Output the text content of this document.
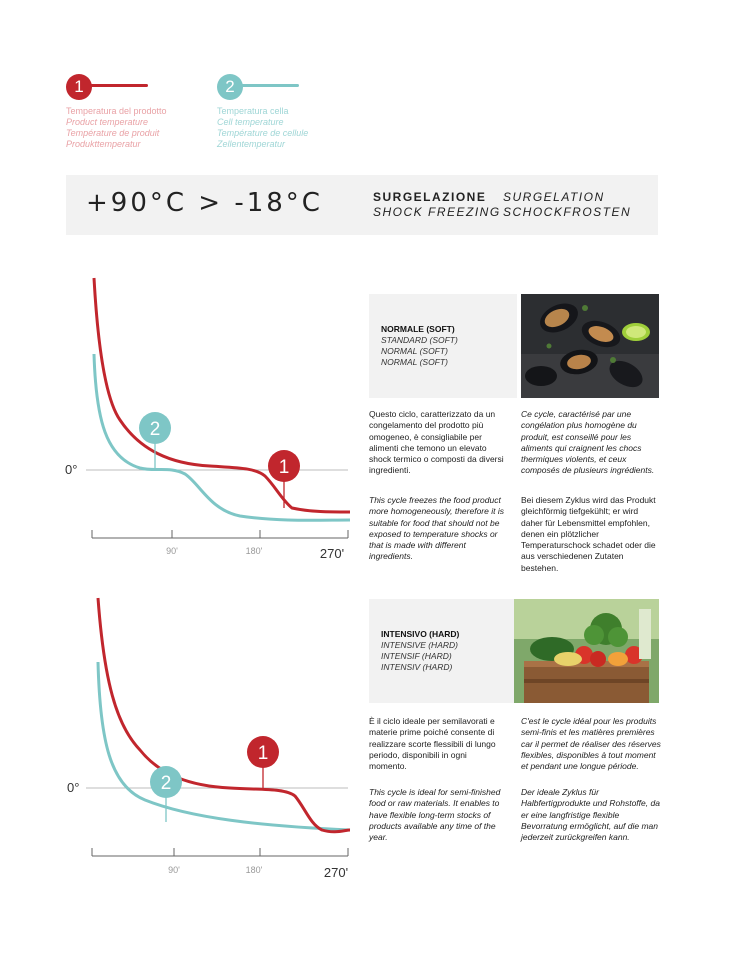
1
Temperatura del prodotto
Product temperature
Température de produit
Produkttemperatur
2
Temperatura cella
Cell temperature
Température de cellule
Zellentemperatur
+90°C > -18°C	SURGELAZIONE
SHOCK FREEZING
SURGELATION
SCHOCKFROSTEN
2
1
90'	180'	270'
0°
NORMALE (SOFT)
STANDARD (SOFT)
NORMAL (SOFT)
NORMAL (SOFT)
Questo ciclo, caratterizzato da un congelamento del prodotto più omogeneo, è consigliabile per alimenti che temono un elevato shock termico o composti da diversi ingredienti.
This cycle freezes the food product more homogeneously, therefore it is suitable for food that should not be exposed to temperature shocks or that is made with different ingredients.
Ce cycle, caractérisé par une congélation plus homogène du produit, est conseillé pour les aliments qui craignent les chocs thermiques violents, et ceux composés de plusieurs ingrédients.
Bei diesem Zyklus wird das Produkt gleichförmig tiefgekühlt; er wird daher für Lebensmittel empfohlen, denen ein plötzlicher Temperaturschock schadet oder die aus verschiedenen Zutaten bestehen.
2
1
90'	180'	270'
0°
INTENSIVO (HARD)
INTENSIVE (HARD)
INTENSIF (HARD)
INTENSIV (HARD)
È il ciclo ideale per semilavorati e materie prime poiché consente di realizzare scorte flessibili di lungo periodo, disponibili in ogni momento.
This cycle is ideal for semi-finished food or raw materials. It enables to have flexible long-term stocks of products available any time of the year.
C'est le cycle idéal pour les produits semi-finis et les matières premières car il permet de réaliser des réserves flexibles, disponibles à tout moment et pendant une longue période.
Der ideale Zyklus für Halbfertigprodukte und Rohstoffe, da er eine langfristige flexible Bevorratung ermöglicht, auf die man jederzeit zurückgreifen kann.
